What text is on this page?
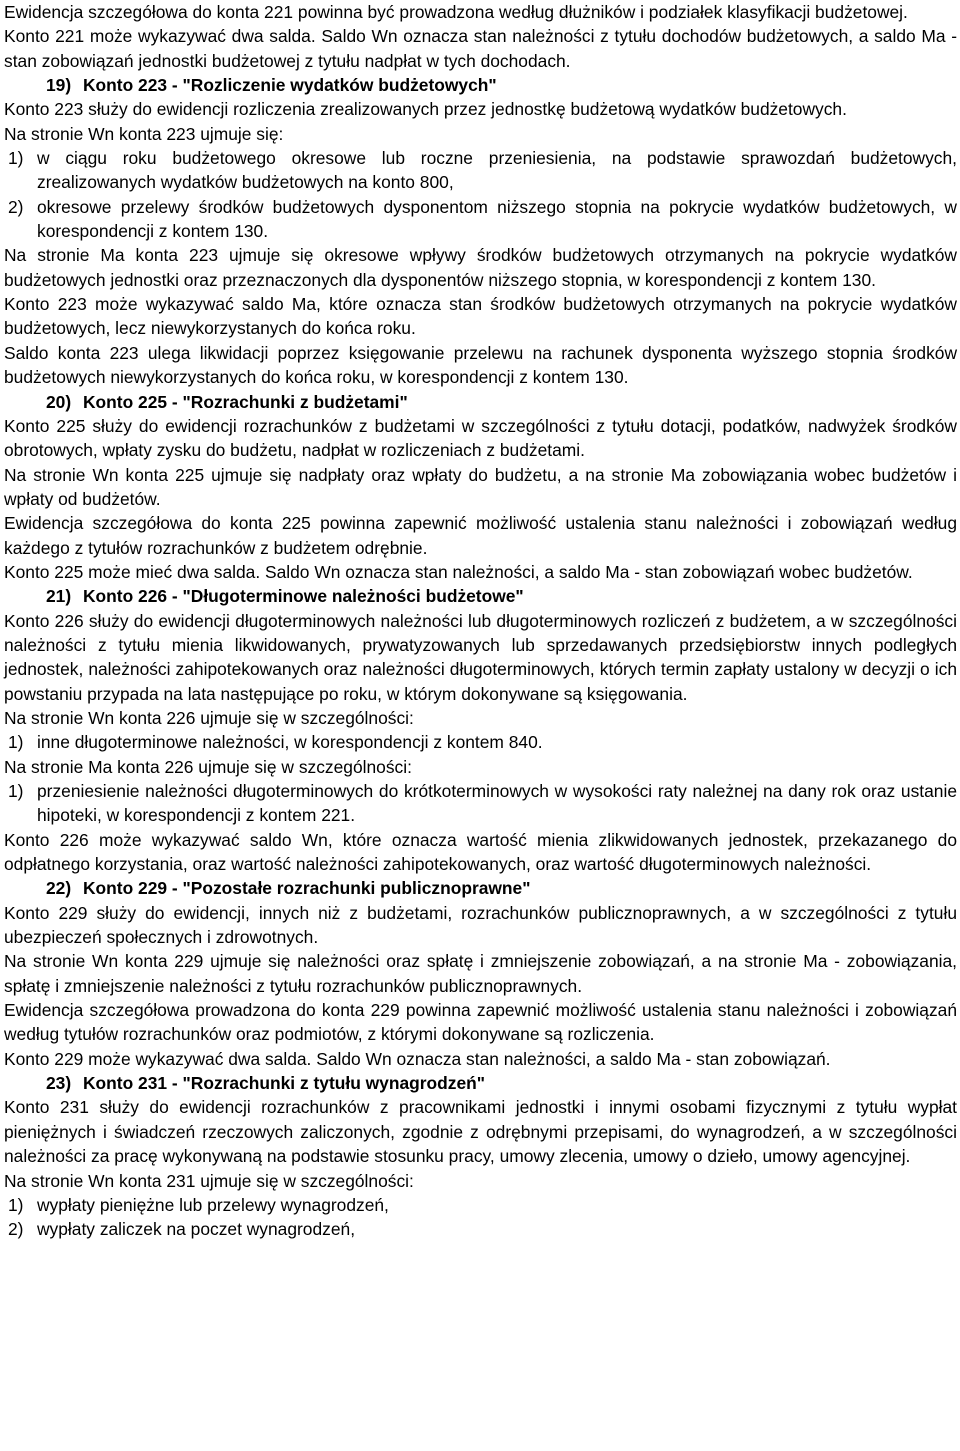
Ewidencja szczegółowa do konta 221 powinna być prowadzona według dłużników i podziałek klasyfikacji budżetowej.
Konto 221 może wykazywać dwa salda. Saldo Wn oznacza stan należności z tytułu dochodów budżetowych, a saldo Ma - stan zobowiązań jednostki budżetowej z tytułu nadpłat w tych dochodach.
19) Konto 223 - "Rozliczenie wydatków budżetowych"
Konto 223 służy do ewidencji rozliczenia zrealizowanych przez jednostkę budżetową wydatków budżetowych.
Na stronie Wn konta 223 ujmuje się:
1) w ciągu roku budżetowego okresowe lub roczne przeniesienia, na podstawie sprawozdań budżetowych, zrealizowanych wydatków budżetowych na konto 800,
2) okresowe przelewy środków budżetowych dysponentom niższego stopnia na pokrycie wydatków budżetowych, w korespondencji z kontem 130.
Na stronie Ma konta 223 ujmuje się okresowe wpływy środków budżetowych otrzymanych na pokrycie wydatków budżetowych jednostki oraz przeznaczonych dla dysponentów niższego stopnia, w korespondencji z kontem 130.
Konto 223 może wykazywać saldo Ma, które oznacza stan środków budżetowych otrzymanych na pokrycie wydatków budżetowych, lecz niewykorzystanych do końca roku.
Saldo konta 223 ulega likwidacji poprzez księgowanie przelewu na rachunek dysponenta wyższego stopnia środków budżetowych niewykorzystanych do końca roku, w korespondencji z kontem 130.
20) Konto 225 - "Rozrachunki z budżetami"
Konto 225 służy do ewidencji rozrachunków z budżetami w szczególności z tytułu dotacji, podatków, nadwyżek środków obrotowych, wpłaty zysku do budżetu, nadpłat w rozliczeniach z budżetami.
Na stronie Wn konta 225 ujmuje się nadpłaty oraz wpłaty do budżetu, a na stronie Ma zobowiązania wobec budżetów i wpłaty od budżetów.
Ewidencja szczegółowa do konta 225 powinna zapewnić możliwość ustalenia stanu należności i zobowiązań według każdego z tytułów rozrachunków z budżetem odrębnie.
Konto 225 może mieć dwa salda. Saldo Wn oznacza stan należności, a saldo Ma - stan zobowiązań wobec budżetów.
21) Konto 226 - "Długoterminowe należności budżetowe"
Konto 226 służy do ewidencji długoterminowych należności lub długoterminowych rozliczeń z budżetem, a w szczególności należności z tytułu mienia likwidowanych, prywatyzowanych lub sprzedawanych przedsiębiorstw innych podległych jednostek, należności zahipotekowanych oraz należności długoterminowych, których termin zapłaty ustalony w decyzji o ich powstaniu przypada na lata następujące po roku, w którym dokonywane są księgowania.
Na stronie Wn konta 226 ujmuje się w szczególności:
1) inne długoterminowe należności, w korespondencji z kontem 840.
Na stronie Ma konta 226 ujmuje się w szczególności:
1) przeniesienie należności długoterminowych do krótkoterminowych w wysokości raty należnej na dany rok oraz ustanie hipoteki, w korespondencji z kontem 221.
Konto 226 może wykazywać saldo Wn, które oznacza wartość mienia zlikwidowanych jednostek, przekazanego do odpłatnego korzystania, oraz wartość należności zahipotekowanych, oraz wartość długoterminowych należności.
22) Konto 229 - "Pozostałe rozrachunki publicznoprawne"
Konto 229 służy do ewidencji, innych niż z budżetami, rozrachunków publicznoprawnych, a w szczególności z tytułu ubezpieczeń społecznych i zdrowotnych.
Na stronie Wn konta 229 ujmuje się należności oraz spłatę i zmniejszenie zobowiązań, a na stronie Ma - zobowiązania, spłatę i zmniejszenie należności z tytułu rozrachunków publicznoprawnych.
Ewidencja szczegółowa prowadzona do konta 229 powinna zapewnić możliwość ustalenia stanu należności i zobowiązań według tytułów rozrachunków oraz podmiotów, z którymi dokonywane są rozliczenia.
Konto 229 może wykazywać dwa salda. Saldo Wn oznacza stan należności, a saldo Ma - stan zobowiązań.
23) Konto 231 - "Rozrachunki z tytułu wynagrodzeń"
Konto 231 służy do ewidencji rozrachunków z pracownikami jednostki i innymi osobami fizycznymi z tytułu wypłat pieniężnych i świadczeń rzeczowych zaliczonych, zgodnie z odrębnymi przepisami, do wynagrodzeń, a w szczególności należności za pracę wykonywaną na podstawie stosunku pracy, umowy zlecenia, umowy o dzieło, umowy agencyjnej.
Na stronie Wn konta 231 ujmuje się w szczególności:
1) wypłaty pieniężne lub przelewy wynagrodzeń,
2) wypłaty zaliczek na poczet wynagrodzeń,
